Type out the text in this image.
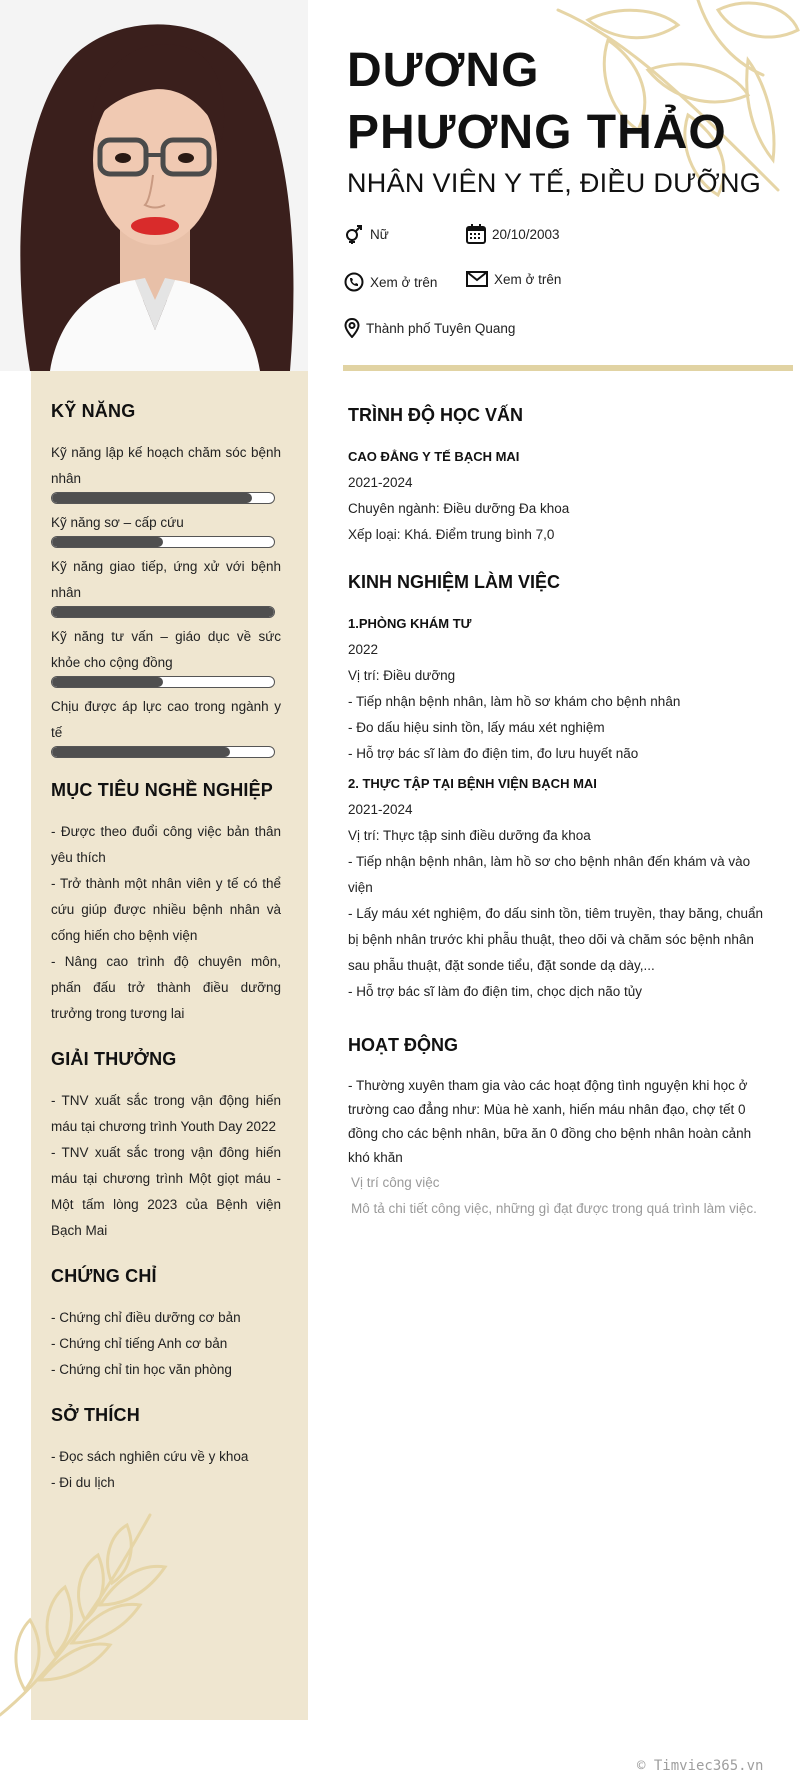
KỸ NĂNG
Kỹ năng lập kế hoạch chăm sóc bệnh nhân
Kỹ năng sơ – cấp cứu
Kỹ năng giao tiếp, ứng xử với bệnh nhân
Kỹ năng tư vấn – giáo dục về sức khỏe cho cộng đồng
Chịu được áp lực cao trong ngành y tế
MỤC TIÊU NGHỀ NGHIỆP
- Được theo đuổi công việc bản thân yêu thích
- Trở thành một nhân viên y tế có thể cứu giúp được nhiều bệnh nhân và cống hiến cho bệnh viện
- Nâng cao trình độ chuyên môn, phấn đấu trở thành điều dưỡng trưởng trong tương lai
GIẢI THƯỞNG
- TNV xuất sắc trong vận động hiến máu tại chương trình Youth Day 2022
- TNV xuất sắc trong vận đông hiến máu tại chương trình Một giọt máu - Một tấm lòng 2023 của Bệnh viện Bạch Mai
CHỨNG CHỈ
- Chứng chỉ điều dưỡng cơ bản
- Chứng chỉ tiếng Anh cơ bản
- Chứng chỉ tin học văn phòng
SỞ THÍCH
- Đọc sách nghiên cứu về y khoa
- Đi du lịch
DƯƠNG
PHƯƠNG THẢO
NHÂN VIÊN Y TẾ, ĐIỀU DƯỠNG
Nữ	20/10/2003
Xem ở trên	Xem ở trên
Thành phố Tuyên Quang
TRÌNH ĐỘ HỌC VẤN
CAO ĐẲNG Y TẾ BẠCH MAI
2021-2024
Chuyên ngành: Điều dưỡng Đa khoa
Xếp loại: Khá. Điểm trung bình 7,0
KINH NGHIỆM LÀM VIỆC
1.PHÒNG KHÁM TƯ
2022
Vị trí: Điều dưỡng
- Tiếp nhận bệnh nhân, làm hồ sơ khám cho bệnh nhân
- Đo dấu hiệu sinh tồn, lấy máu xét nghiệm
- Hỗ trợ bác sĩ làm đo điện tim, đo lưu huyết não
2. THỰC TẬP TẠI BỆNH VIỆN BẠCH MAI
2021-2024
Vị trí: Thực tập sinh điều dưỡng đa khoa
- Tiếp nhận bệnh nhân, làm hồ sơ cho bệnh nhân đến khám và vào viện
- Lấy máu xét nghiệm, đo dấu sinh tồn, tiêm truyền, thay băng, chuẩn bị bệnh nhân trước khi phẫu thuật, theo dõi và chăm sóc bệnh nhân sau phẫu thuật, đặt sonde tiểu, đặt sonde dạ dày,...
- Hỗ trợ bác sĩ làm đo điện tim, chọc dịch não tủy
HOẠT ĐỘNG
- Thường xuyên tham gia vào các hoạt động tình nguyện khi học ở trường cao đẳng như: Mùa hè xanh, hiến máu nhân đạo, chợ tết 0 đồng cho các bệnh nhân, bữa ăn 0 đồng cho bệnh nhân hoàn cảnh khó khăn
Vị trí công việc
Mô tả chi tiết công việc, những gì đạt được trong quá trình làm việc.
© Timviec365.vn
